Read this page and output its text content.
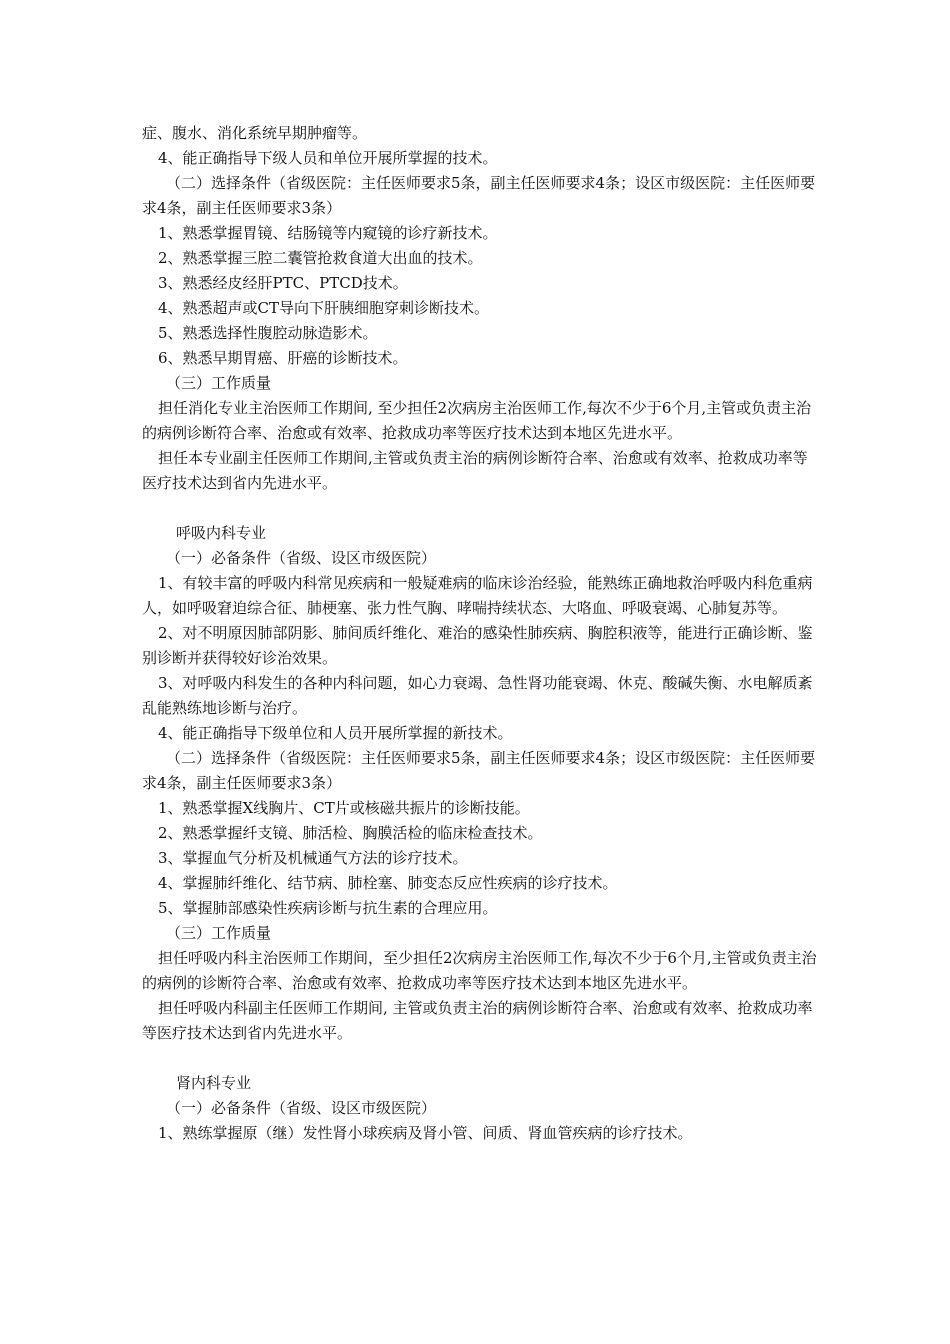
症、腹水、消化系统早期肿瘤等。

4、能正确指导下级人员和单位开展所掌握的技术。

（二）选择条件（省级医院：主任医师要求5条，副主任医师要求4条；设区市级医院：主任医师要求4条，副主任医师要求3条）

1、熟悉掌握胃镜、结肠镜等内窥镜的诊疗新技术。

2、熟悉掌握三腔二囊管抢救食道大出血的技术。

3、熟悉经皮经肝PTC、PTCD技术。

4、熟悉超声或CT导向下肝胰细胞穿刺诊断技术。

5、熟悉选择性腹腔动脉造影术。

6、熟悉早期胃癌、肝癌的诊断技术。

（三）工作质量

担任消化专业主治医师工作期间, 至少担任2次病房主治医师工作,每次不少于6个月,主管或负责主治的病例诊断符合率、治愈或有效率、抢救成功率等医疗技术达到本地区先进水平。

担任本专业副主任医师工作期间,主管或负责主治的病例诊断符合率、治愈或有效率、抢救成功率等医疗技术达到省内先进水平。

呼吸内科专业

（一）必备条件（省级、设区市级医院）

1、有较丰富的呼吸内科常见疾病和一般疑难病的临床诊治经验，能熟练正确地救治呼吸内科危重病人，如呼吸窘迫综合征、肺梗塞、张力性气胸、哮喘持续状态、大咯血、呼吸衰竭、心肺复苏等。

2、对不明原因肺部阴影、肺间质纤维化、难治的感染性肺疾病、胸腔积液等，能进行正确诊断、鉴别诊断并获得较好诊治效果。

3、对呼吸内科发生的各种内科问题，如心力衰竭、急性肾功能衰竭、休克、酸碱失衡、水电解质紊乱能熟练地诊断与治疗。

4、能正确指导下级单位和人员开展所掌握的新技术。

（二）选择条件（省级医院：主任医师要求5条，副主任医师要求4条；设区市级医院：主任医师要求4条，副主任医师要求3条）

1、熟悉掌握X线胸片、CT片或核磁共振片的诊断技能。

2、熟悉掌握纤支镜、肺活检、胸膜活检的临床检查技术。

3、掌握血气分析及机械通气方法的诊疗技术。

4、掌握肺纤维化、结节病、肺栓塞、肺变态反应性疾病的诊疗技术。

5、掌握肺部感染性疾病诊断与抗生素的合理应用。

（三）工作质量

担任呼吸内科主治医师工作期间，至少担任2次病房主治医师工作,每次不少于6个月,主管或负责主治的病例的诊断符合率、治愈或有效率、抢救成功率等医疗技术达到本地区先进水平。

担任呼吸内科副主任医师工作期间, 主管或负责主治的病例诊断符合率、治愈或有效率、抢救成功率等医疗技术达到省内先进水平。

肾内科专业

（一）必备条件（省级、设区市级医院）

1、熟练掌握原（继）发性肾小球疾病及肾小管、间质、肾血管疾病的诊疗技术。
